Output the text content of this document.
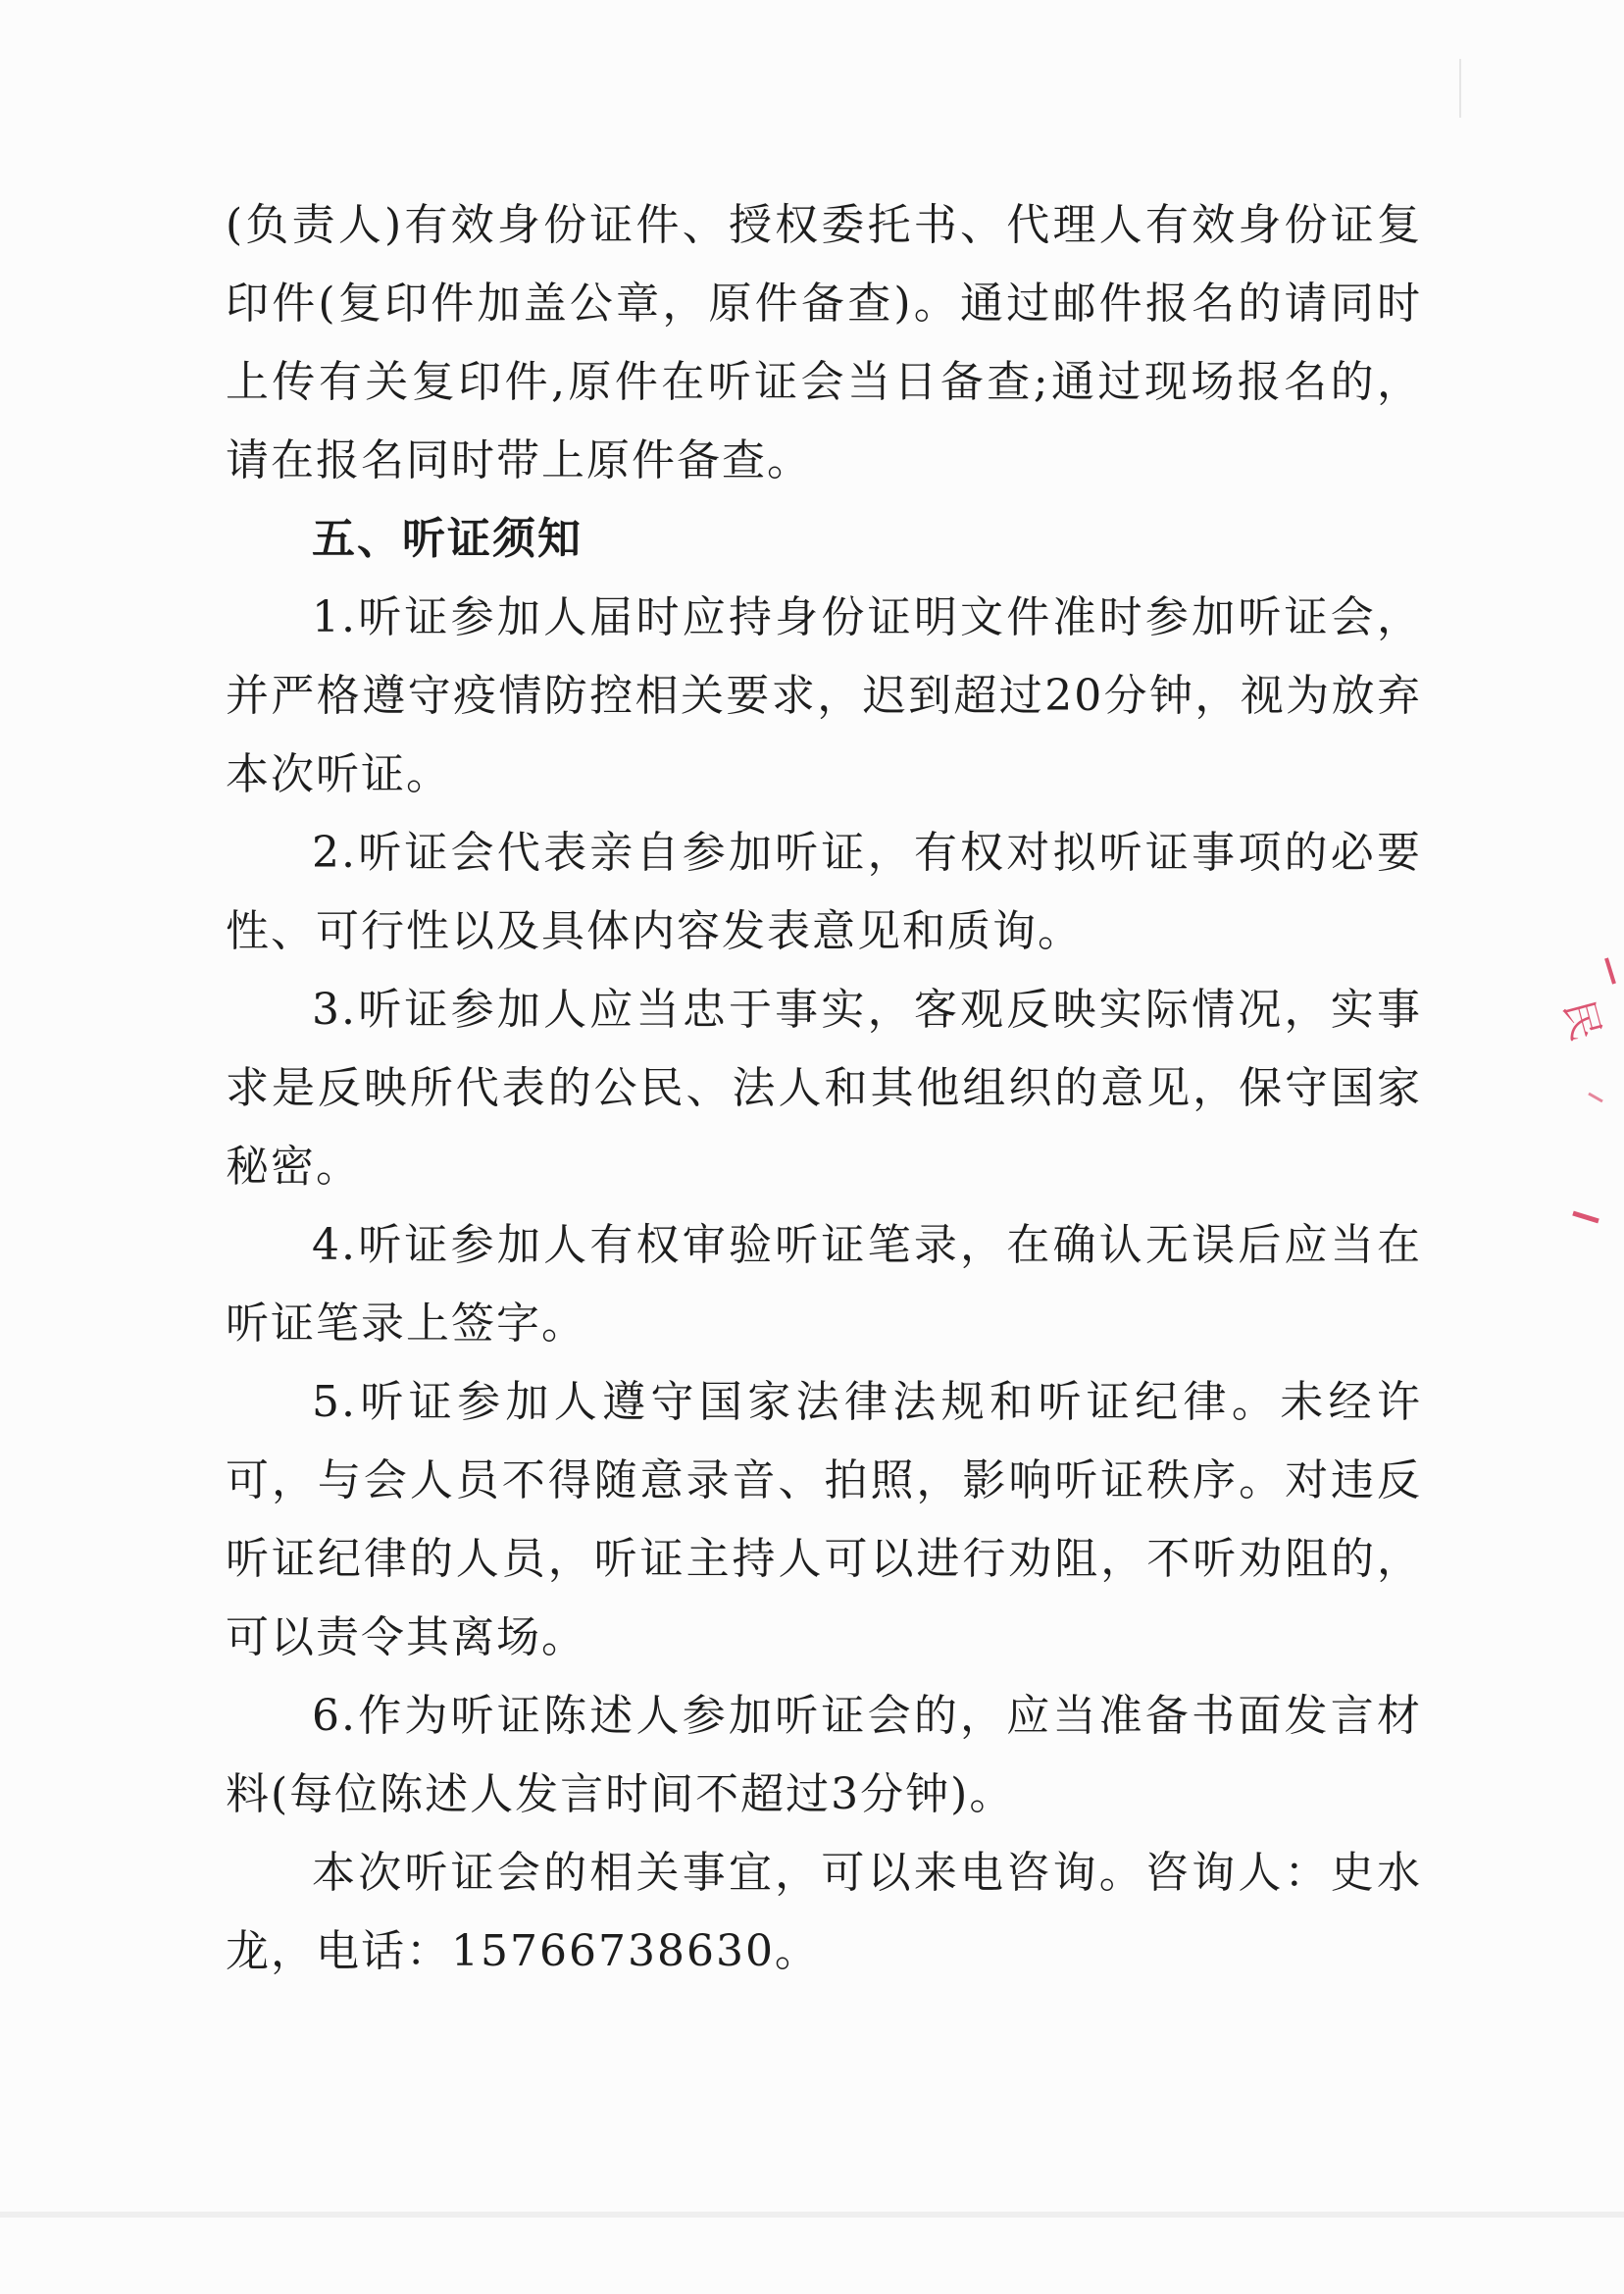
(负责人)有效身份证件、授权委托书、代理人有效身份证复印件(复印件加盖公章，原件备查)。通过邮件报名的请同时上传有关复印件,原件在听证会当日备查;通过现场报名的，请在报名同时带上原件备查。

五、听证须知

1.听证参加人届时应持身份证明文件准时参加听证会，并严格遵守疫情防控相关要求，迟到超过20分钟，视为放弃本次听证。

2.听证会代表亲自参加听证，有权对拟听证事项的必要性、可行性以及具体内容发表意见和质询。

3.听证参加人应当忠于事实，客观反映实际情况，实事求是反映所代表的公民、法人和其他组织的意见，保守国家秘密。

4.听证参加人有权审验听证笔录，在确认无误后应当在听证笔录上签字。

5.听证参加人遵守国家法律法规和听证纪律。未经许可，与会人员不得随意录音、拍照，影响听证秩序。对违反听证纪律的人员，听证主持人可以进行劝阻，不听劝阻的，可以责令其离场。

6.作为听证陈述人参加听证会的，应当准备书面发言材料(每位陈述人发言时间不超过3分钟)。

本次听证会的相关事宜，可以来电咨询。咨询人：史水龙，电话：15766738630。

民
